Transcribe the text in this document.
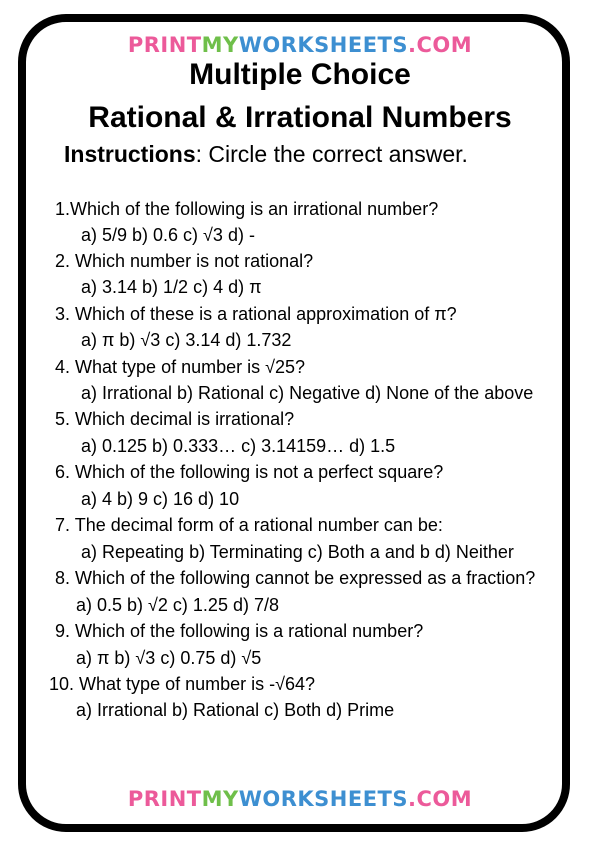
PRINTMYWORKSHEETS.COM
Multiple Choice
Rational & Irrational Numbers
Instructions: Circle the correct answer.
1.Which of the following is an irrational number?
a) 5/9 b) 0.6 c) √3 d) -
2. Which number is not rational?
a) 3.14 b) 1/2 c) 4 d) π
3. Which of these is a rational approximation of π?
a) π b) √3 c) 3.14 d) 1.732
4. What type of number is √25?
a) Irrational b) Rational c) Negative d) None of the above
5. Which decimal is irrational?
a) 0.125 b) 0.333… c) 3.14159… d) 1.5
6. Which of the following is not a perfect square?
a) 4 b) 9 c) 16 d) 10
7. The decimal form of a rational number can be:
a) Repeating b) Terminating c) Both a and b d) Neither
8. Which of the following cannot be expressed as a fraction?
a) 0.5 b) √2 c) 1.25 d) 7/8
9. Which of the following is a rational number?
a) π b) √3 c) 0.75 d) √5
10. What type of number is -√64?
a) Irrational b) Rational c) Both d) Prime
PRINTMYWORKSHEETS.COM
